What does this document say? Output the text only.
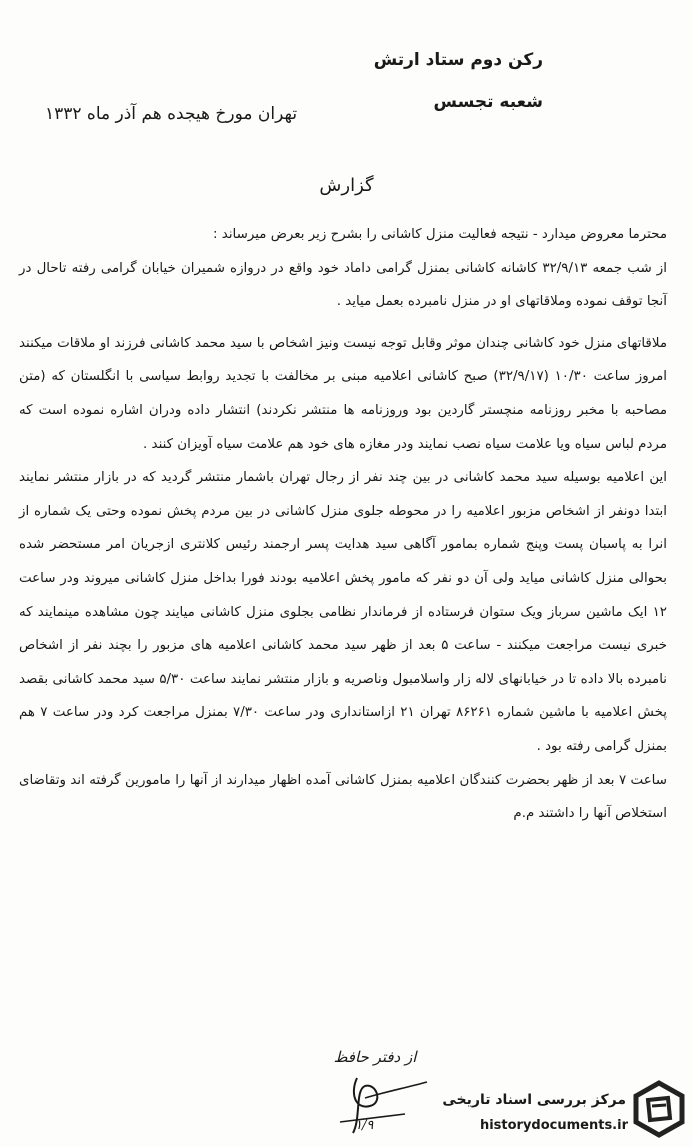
رکن دوم ستاد ارتش
شعبه تجسس
تهران مورخ هیجده هم آذر ماه ۱۳۳۲
گزارش

محترما معروض میدارد - نتیجه فعالیت منزل کاشانی را بشرح زیر بعرض میرساند :

از شب جمعه ۳۲/۹/۱۳ کاشانه کاشانی بمنزل گرامی داماد خود واقع در دروازه شمیران خیابان گرامی رفته تاحال در آنجا توقف نموده وملاقاتهای او در منزل نامبرده بعمل میاید .

ملاقاتهای منزل خود کاشانی چندان موثر وقابل توجه نیست ونیز اشخاص با سید محمد کاشانی فرزند او ملاقات میکنند امروز ساعت ۱۰/۳۰ (۳۲/۹/۱۷) صبح کاشانی اعلامیه مبنی بر مخالفت با تجدید روابط سیاسی با انگلستان که (متن مصاحبه با مخبر روزنامه منچستر گاردین بود وروزنامه ها منتشر نکردند) انتشار داده ودران اشاره نموده است که مردم لباس سیاه ویا علامت سیاه نصب نمایند ودر مغازه های خود هم علامت سیاه آویزان کنند .

این اعلامیه بوسیله سید محمد کاشانی در بین چند نفر از رجال تهران باشمار منتشر گردید که در بازار منتشر نمایند ابتدا دونفر از اشخاص مزبور اعلامیه را در محوطه جلوی منزل کاشانی در بین مردم پخش نموده وحتی یک شماره از انرا به پاسبان پست وپنج شماره بمامور آگاهی سید هدایت پسر ارجمند رئیس کلانتری ازجریان امر مستحضر شده بحوالی منزل کاشانی میاید ولی آن دو نفر که مامور پخش اعلامیه بودند فورا بداخل منزل کاشانی میروند ودر ساعت ۱۲ ایک ماشین سرباز ویک ستوان فرستاده از فرماندار نظامی بجلوی منزل کاشانی میایند چون مشاهده مینمایند که خبری نیست مراجعت میکنند - ساعت ۵ بعد از ظهر سید محمد کاشانی اعلامیه های مزبور را بچند نفر از اشخاص نامبرده بالا داده تا در خیابانهای لاله زار واسلامبول وناصریه و بازار منتشر نمایند ساعت ۵/۳۰ سید محمد کاشانی بقصد پخش اعلامیه با ماشین شماره ۸۶۲۶۱ تهران ۲۱ ازاستانداری ودر ساعت ۷/۳۰ بمنزل مراجعت کرد ودر ساعت ۷ هم بمنزل گرامی رفته بود .

ساعت ۷ بعد از ظهر بحضرت کنندگان اعلامیه بمنزل کاشانی آمده اظهار میدارند از آنها را مامورین گرفته اند وتقاضای استخلاص آنها را داشتند م.م

از دفتر حافظ
۱/۹
مرکز بررسی اسناد تاریخی
historydocuments.ir
